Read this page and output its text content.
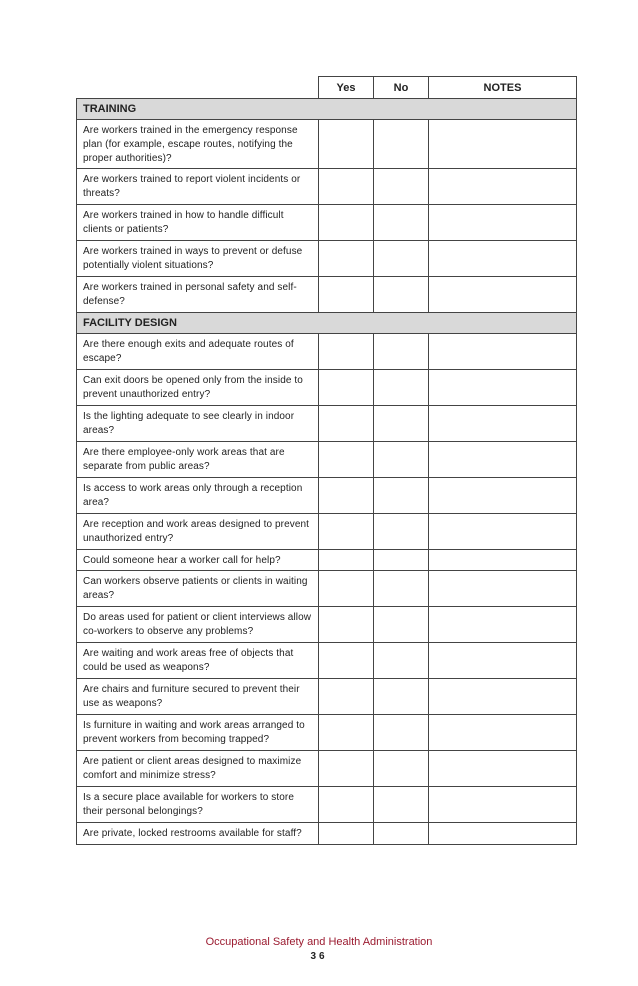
	Yes	No	NOTES
TRAINING			
Are workers trained in the emergency response plan (for example, escape routes, notifying the proper authorities)?			
Are workers trained to report violent incidents or threats?			
Are workers trained in how to handle difficult clients or patients?			
Are workers trained in ways to prevent or defuse potentially violent situations?			
Are workers trained in personal safety and self-defense?			
FACILITY DESIGN			
Are there enough exits and adequate routes of escape?			
Can exit doors be opened only from the inside to prevent unauthorized entry?			
Is the lighting adequate to see clearly in indoor areas?			
Are there employee-only work areas that are separate from public areas?			
Is access to work areas only through a reception area?			
Are reception and work areas designed to prevent unauthorized entry?			
Could someone hear a worker call for help?			
Can workers observe patients or clients in waiting areas?			
Do areas used for patient or client interviews allow co-workers to observe any problems?			
Are waiting and work areas free of objects that could be used as weapons?			
Are chairs and furniture secured to prevent their use as weapons?			
Is furniture in waiting and work areas arranged to prevent workers from becoming trapped?			
Are patient or client areas designed to maximize comfort and minimize stress?			
Is a secure place available for workers to store their personal belongings?			
Are private, locked restrooms available for staff?			
Occupational Safety and Health Administration
36
